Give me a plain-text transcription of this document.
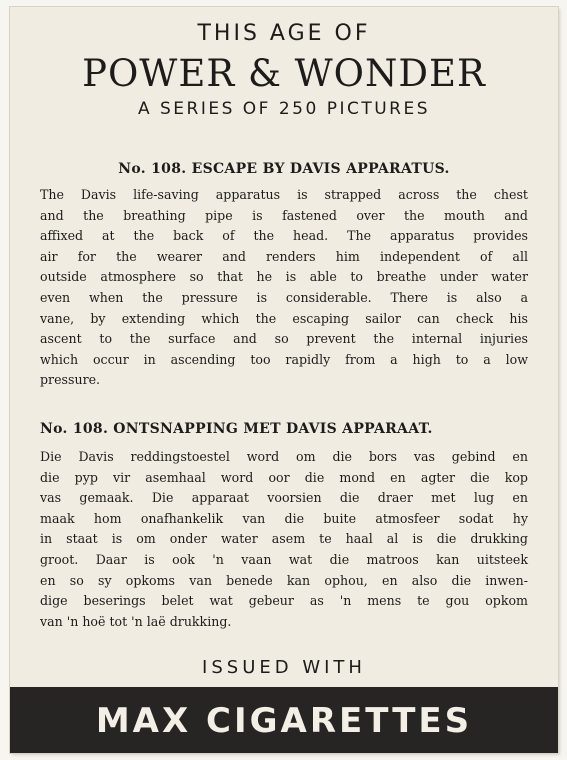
THIS AGE OF
POWER & WONDER
A SERIES OF 250 PICTURES
No. 108. ESCAPE BY DAVIS APPARATUS.
The Davis life-saving apparatus is strapped across the chest
and the breathing pipe is fastened over the mouth and
affixed at the back of the head. The apparatus provides
air for the wearer and renders him independent of all
outside atmosphere so that he is able to breathe under water
even when the pressure is considerable. There is also a
vane, by extending which the escaping sailor can check his
ascent to the surface and so prevent the internal injuries
which occur in ascending too rapidly from a high to a low
pressure.
No. 108. ONTSNAPPING MET DAVIS APPARAAT.
Die Davis reddingstoestel word om die bors vas gebind en
die pyp vir asemhaal word oor die mond en agter die kop
vas gemaak. Die apparaat voorsien die draer met lug en
maak hom onafhankelik van die buite atmosfeer sodat hy
in staat is om onder water asem te haal al is die drukking
groot. Daar is ook 'n vaan wat die matroos kan uitsteek
en so sy opkoms van benede kan ophou, en also die inwen-
dige beserings belet wat gebeur as 'n mens te gou opkom
van 'n hoë tot 'n laë drukking.
ISSUED WITH
MAX CIGARETTES
